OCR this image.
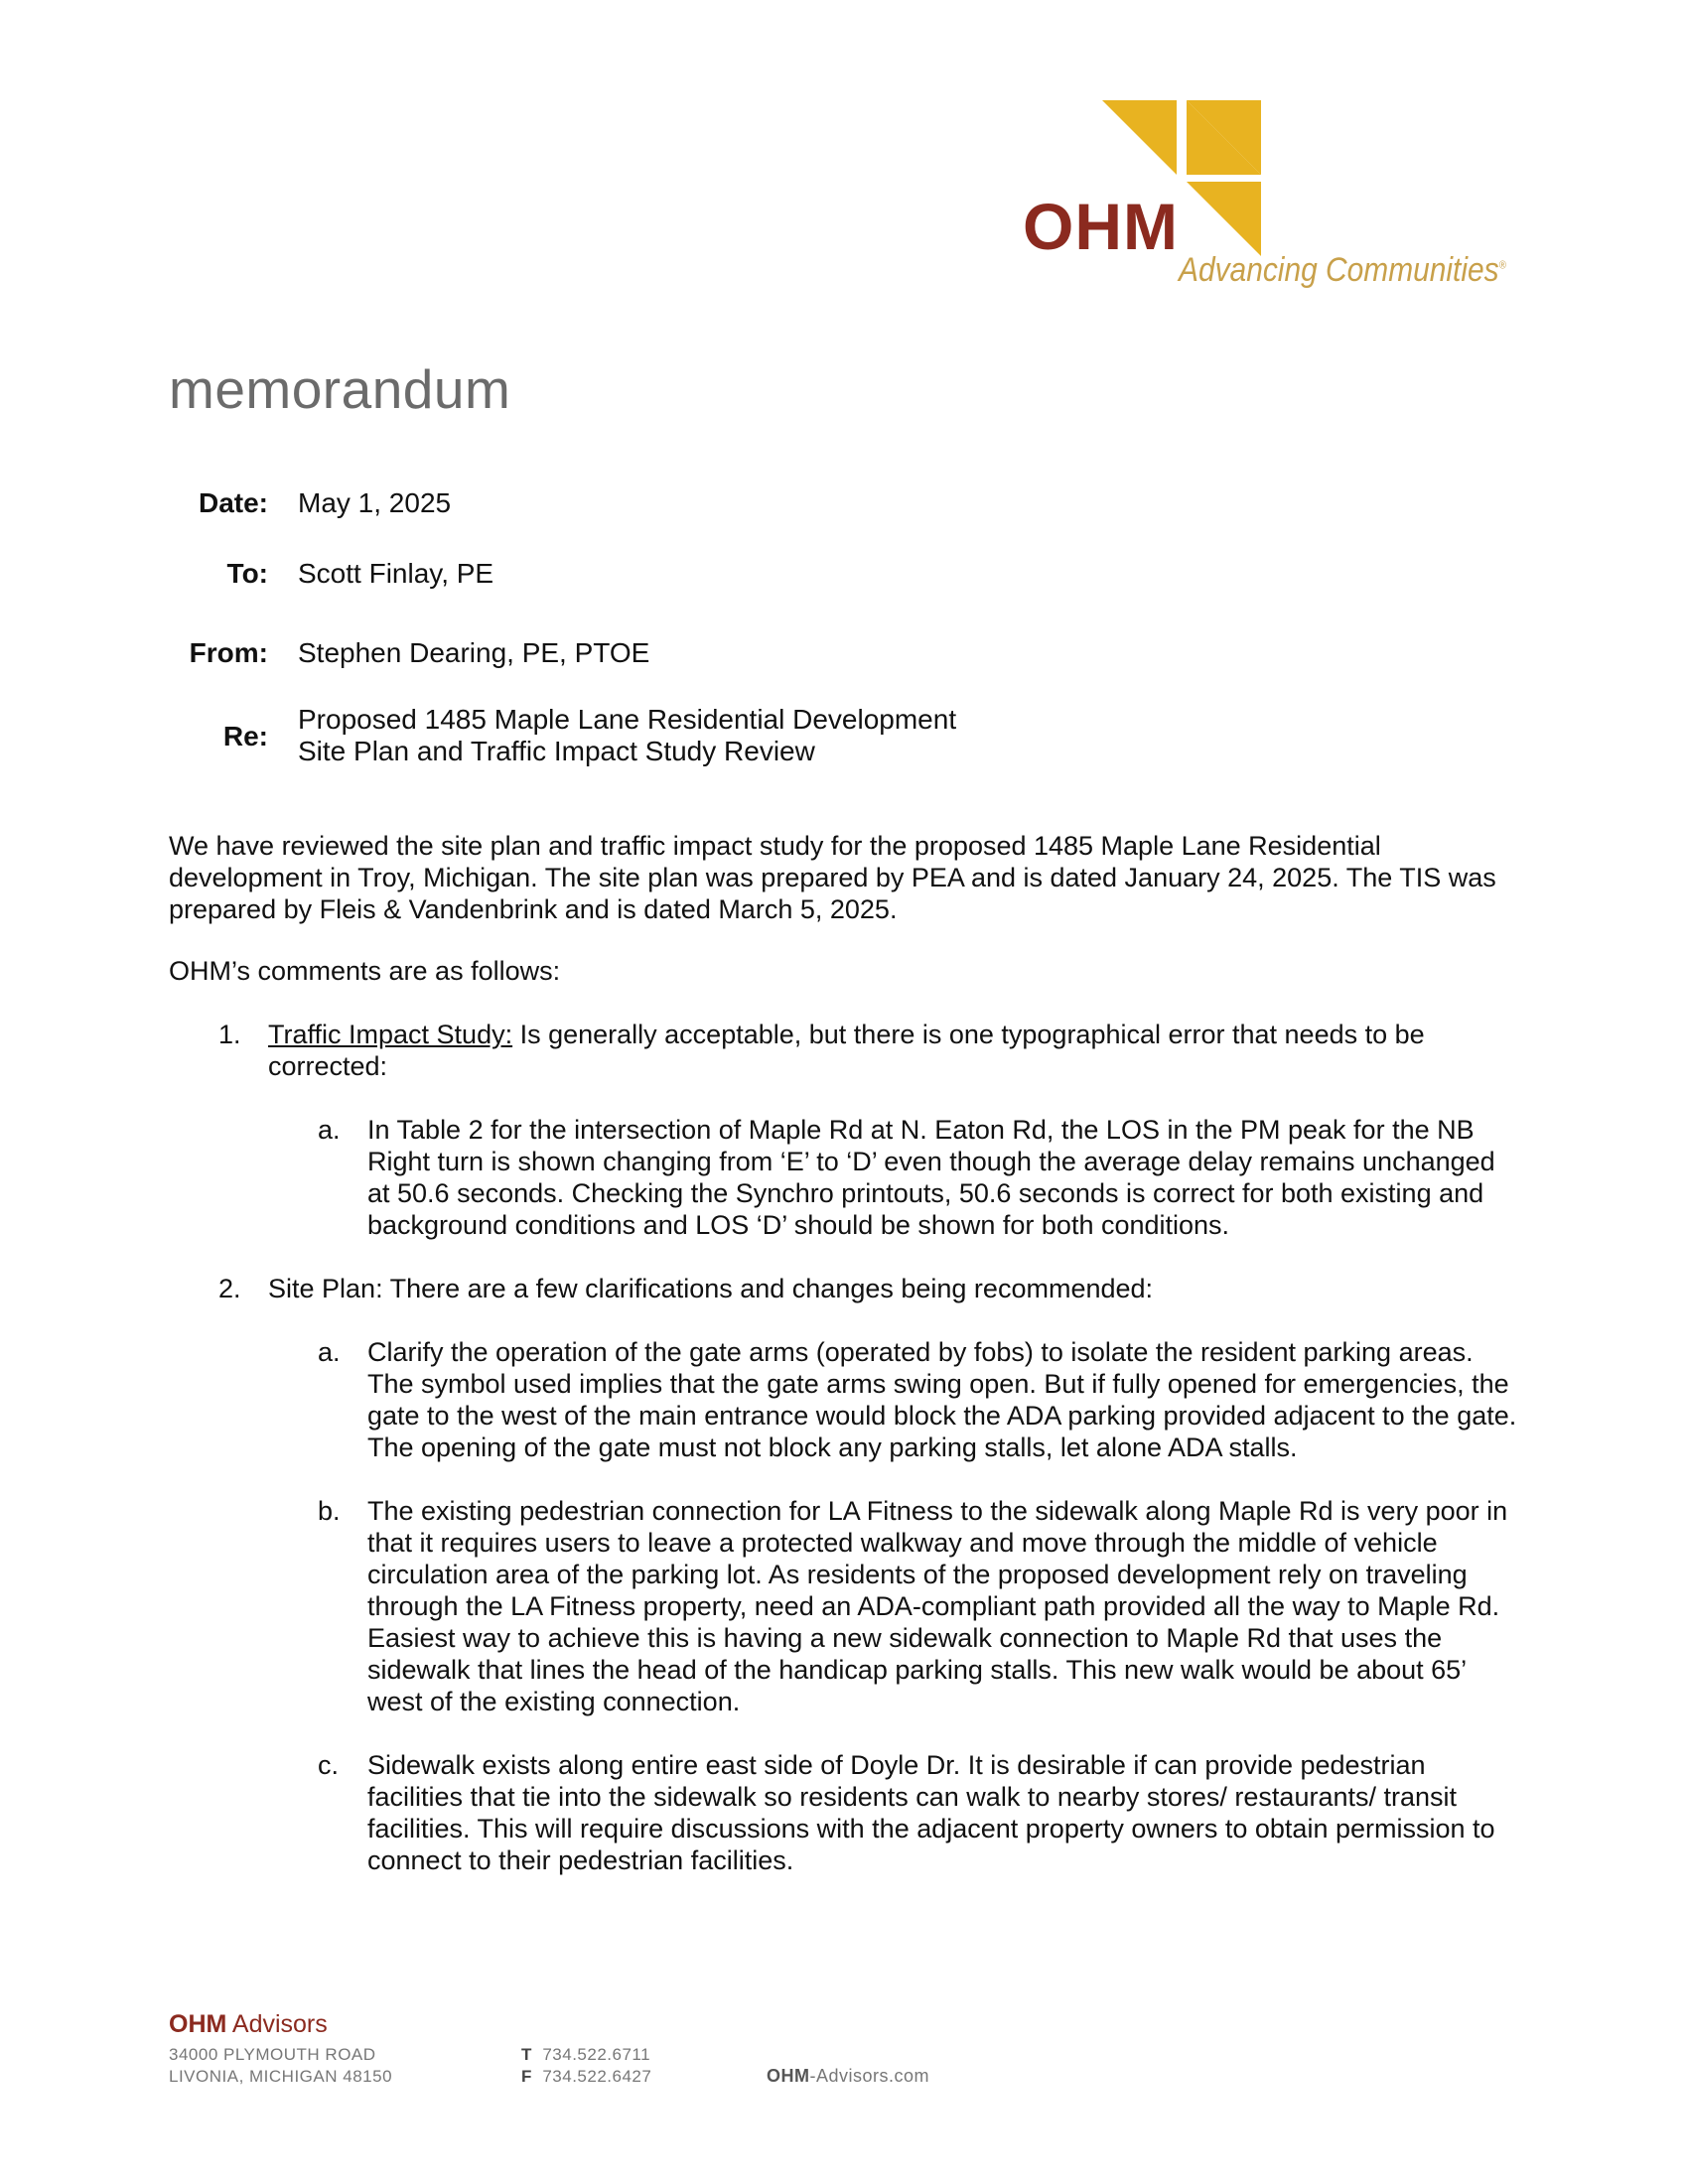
OHM
Advancing Communities®
memorandum
Date: May 1, 2025
To: Scott Finlay, PE
From: Stephen Dearing, PE, PTOE
Re:
Proposed 1485 Maple Lane Residential Development
Site Plan and Traffic Impact Study Review
We have reviewed the site plan and traffic impact study for the proposed 1485 Maple Lane Residential development in Troy, Michigan. The site plan was prepared by PEA and is dated January 24, 2025. The TIS was prepared by Fleis & Vandenbrink and is dated March 5, 2025.
OHM’s comments are as follows:
1. Traffic Impact Study: Is generally acceptable, but there is one typographical error that needs to be corrected:
a. In Table 2 for the intersection of Maple Rd at N. Eaton Rd, the LOS in the PM peak for the NB Right turn is shown changing from ‘E’ to ‘D’ even though the average delay remains unchanged at 50.6 seconds. Checking the Synchro printouts, 50.6 seconds is correct for both existing and background conditions and LOS ‘D’ should be shown for both conditions.
2. Site Plan: There are a few clarifications and changes being recommended:
a. Clarify the operation of the gate arms (operated by fobs) to isolate the resident parking areas. The symbol used implies that the gate arms swing open. But if fully opened for emergencies, the gate to the west of the main entrance would block the ADA parking provided adjacent to the gate. The opening of the gate must not block any parking stalls, let alone ADA stalls.
b. The existing pedestrian connection for LA Fitness to the sidewalk along Maple Rd is very poor in that it requires users to leave a protected walkway and move through the middle of vehicle circulation area of the parking lot. As residents of the proposed development rely on traveling through the LA Fitness property, need an ADA-compliant path provided all the way to Maple Rd. Easiest way to achieve this is having a new sidewalk connection to Maple Rd that uses the sidewalk that lines the head of the handicap parking stalls. This new walk would be about 65’ west of the existing connection.
c. Sidewalk exists along entire east side of Doyle Dr. It is desirable if can provide pedestrian facilities that tie into the sidewalk so residents can walk to nearby stores/ restaurants/ transit facilities. This will require discussions with the adjacent property owners to obtain permission to connect to their pedestrian facilities.
OHM Advisors
34000 PLYMOUTH ROAD
LIVONIA, MICHIGAN 48150
T 734.522.6711
F 734.522.6427	OHM-Advisors.com
